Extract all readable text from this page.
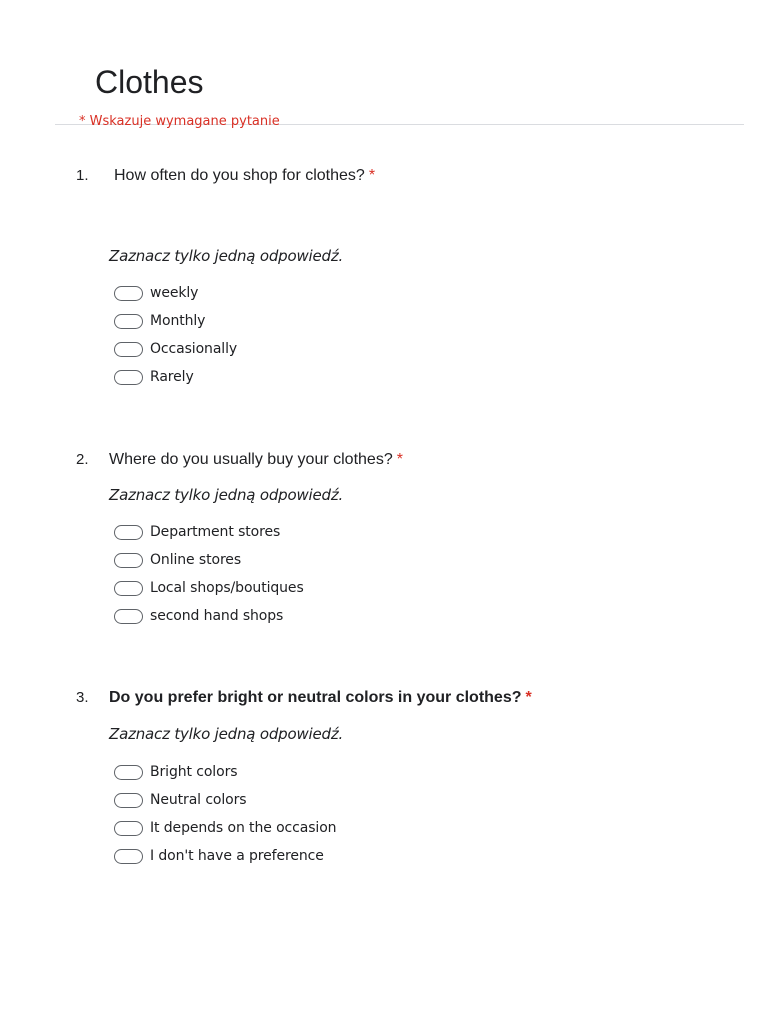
Clothes
* Wskazuje wymagane pytanie
1. How often do you shop for clothes? *
Zaznacz tylko jedną odpowiedź.
weekly
Monthly
Occasionally
Rarely
2. Where do you usually buy your clothes? *
Zaznacz tylko jedną odpowiedź.
Department stores
Online stores
Local shops/boutiques
second hand shops
3. Do you prefer bright or neutral colors in your clothes? *
Zaznacz tylko jedną odpowiedź.
Bright colors
Neutral colors
It depends on the occasion
I don't have a preference
